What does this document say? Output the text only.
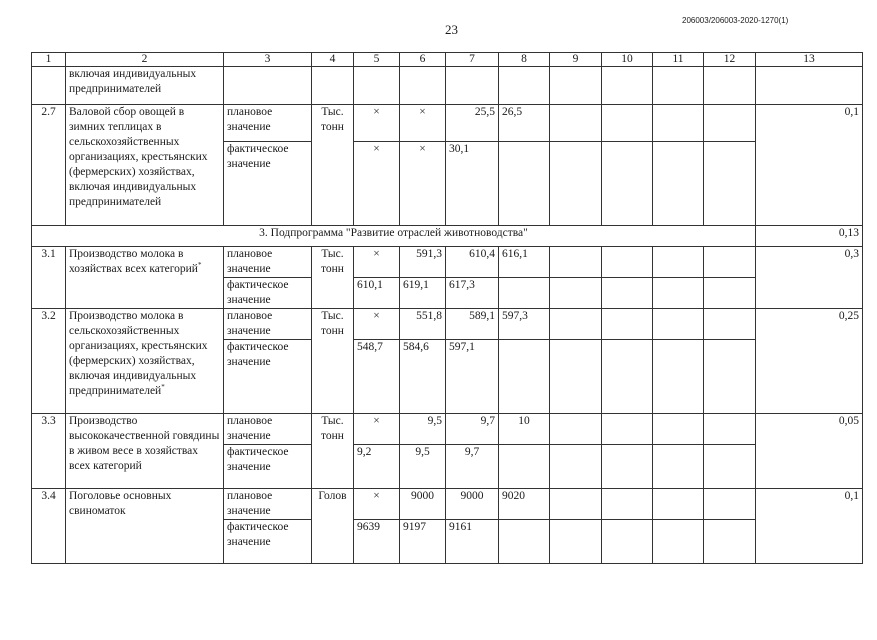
23
206003/206003-2020-1270(1)
1	2	3	4	5	6	7	8	9	10	11	12	13
	включая индивидуальных предпринимателей											
2.7	Валовой сбор овощей в зимних теплицах в сельскохозяйственных организациях, крестьянских (фермерских) хозяйствах, включая индивидуальных предпринимателей	плановое значение	Тыс. тонн	×	×	25,5	26,5					0,1
		фактическое значение		×	×	30,1						
3. Подпрограмма "Развитие отраслей животноводства"												0,13
3.1	Производство молока в хозяйствах всех категорий*	плановое значение	Тыс. тонн	×	591,3	610,4	616,1					0,3
		фактическое значение		610,1	619,1	617,3						
3.2	Производство молока в сельскохозяйственных организациях, крестьянских (фермерских) хозяйствах, включая индивидуальных предпринимателей*	плановое значение	Тыс. тонн	×	551,8	589,1	597,3					0,25
		фактическое значение		548,7	584,6	597,1						
3.3	Производство высококачественной говядины в живом весе в хозяйствах всех категорий	плановое значение	Тыс. тонн	×	9,5	9,7	10					0,05
		фактическое значение		9,2	9,5	9,7						
3.4	Поголовье основных свиноматок	плановое значение	Голов	×	9000	9000	9020					0,1
		фактическое значение		9639	9197	9161						
